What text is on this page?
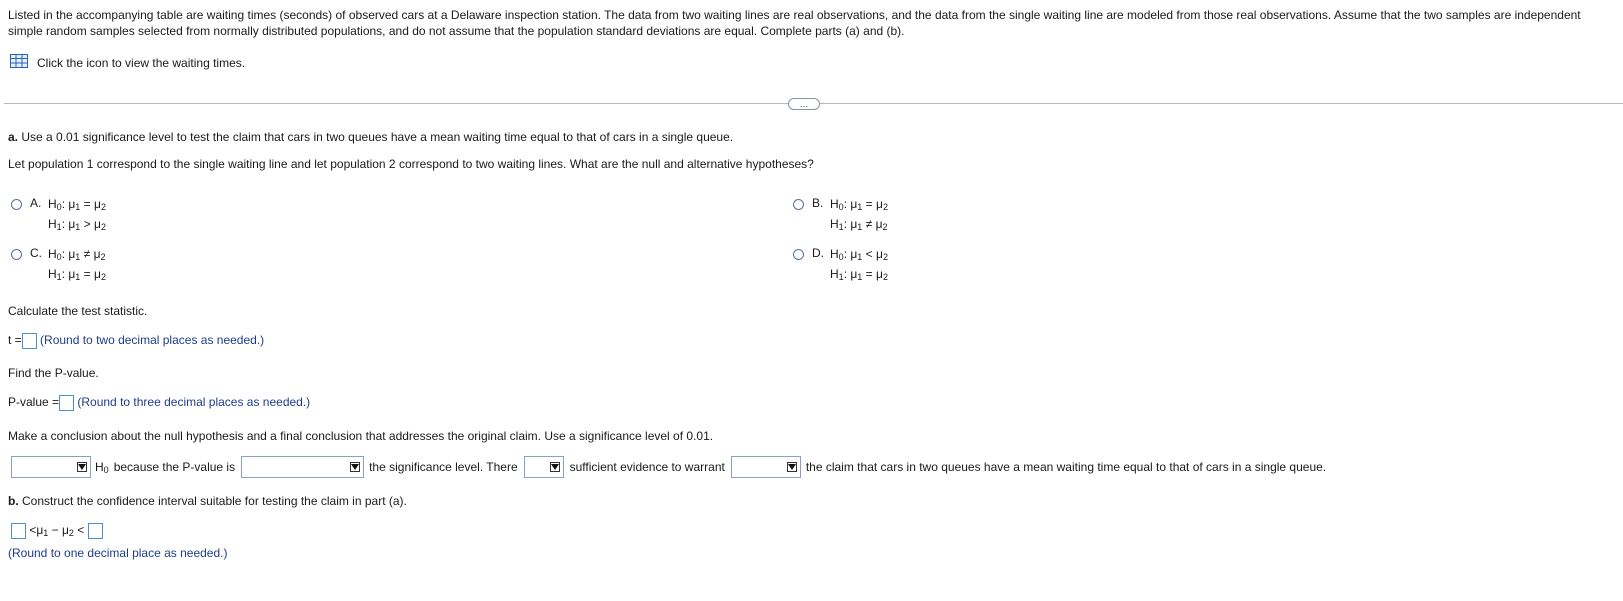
Listed in the accompanying table are waiting times (seconds) of observed cars at a Delaware inspection station. The data from two waiting lines are real observations, and the data from the single waiting line are modeled from those real observations. Assume that the two samples are independent simple random samples selected from normally distributed populations, and do not assume that the population standard deviations are equal. Complete parts (a) and (b).
Click the icon to view the waiting times.
…
a. Use a 0.01 significance level to test the claim that cars in two queues have a mean waiting time equal to that of cars in a single queue.
Let population 1 correspond to the single waiting line and let population 2 correspond to two waiting lines. What are the null and alternative hypotheses?
A. $H_0$: $\mu_1 = \mu_2$
$H_1$: $\mu_1 > \mu_2$
B. $H_0$: $\mu_1 = \mu_2$
$H_1$: $\mu_1 \ne \mu_2$
C. $H_0$: $\mu_1 \ne \mu_2$
$H_1$: $\mu_1 = \mu_2$
D. $H_0$: $\mu_1 < \mu_2$
$H_1$: $\mu_1 = \mu_2$
Calculate the test statistic.
t = (Round to two decimal places as needed.)
Find the P-value.
P-value = (Round to three decimal places as needed.)
Make a conclusion about the null hypothesis and a final conclusion that addresses the original claim. Use a significance level of 0.01.
$H_0$ because the P-value is	the significance level. There	sufficient evidence to warrant	the claim that cars in two queues have a mean waiting time equal to that of cars in a single queue.
b. Construct the confidence interval suitable for testing the claim in part (a).
$<\mu_1 - \mu_2$ <
(Round to one decimal place as needed.)
